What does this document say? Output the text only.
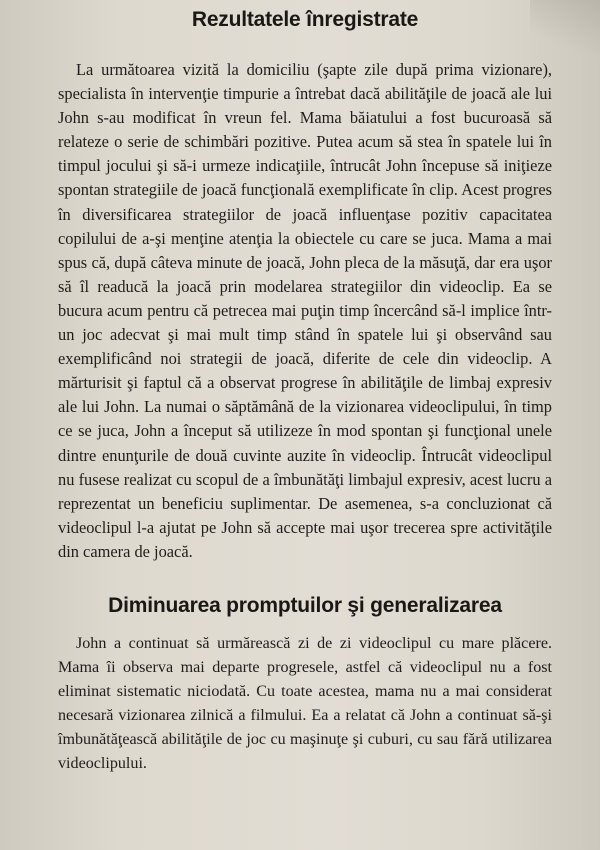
Rezultatele înregistrate

La următoarea vizită la domiciliu (şapte zile după prima vizionare), specialista în intervenţie timpurie a întrebat dacă abilităţile de joacă ale lui John s-au modificat în vreun fel. Mama băiatului a fost bucuroasă să relateze o serie de schimbări pozitive. Putea acum să stea în spatele lui în timpul jocului şi să-i urmeze indicaţiile, întrucât John începuse să iniţieze spontan strategiile de joacă funcţională exemplificate în clip. Acest progres în diversificarea strategiilor de joacă influenţase pozitiv capacitatea copilului de a-şi menţine atenţia la obiectele cu care se juca. Mama a mai spus că, după câteva minute de joacă, John pleca de la măsuţă, dar era uşor să îl readucă la joacă prin modelarea strategiilor din videoclip. Ea se bucura acum pentru că petrecea mai puţin timp încercând să-l implice într-un joc adecvat şi mai mult timp stând în spatele lui şi observând sau exemplificând noi strategii de joacă, diferite de cele din videoclip. A mărturisit şi faptul că a observat progrese în abilităţile de limbaj expresiv ale lui John. La numai o săptămână de la vizionarea videoclipului, în timp ce se juca, John a început să utilizeze în mod spontan şi funcţional unele dintre enunţurile de două cuvinte auzite în videoclip. Întrucât videoclipul nu fusese realizat cu scopul de a îmbunătăţi limbajul expresiv, acest lucru a reprezentat un beneficiu suplimentar. De asemenea, s-a concluzionat că videoclipul l-a ajutat pe John să accepte mai uşor trecerea spre activităţile din camera de joacă.

Diminuarea promptuilor şi generalizarea

John a continuat să urmărească zi de zi videoclipul cu mare plăcere. Mama îi observa mai departe progresele, astfel că videoclipul nu a fost eliminat sistematic niciodată. Cu toate acestea, mama nu a mai considerat necesară vizionarea zilnică a filmului. Ea a relatat că John a continuat să-şi îmbunătăţească abilităţile de joc cu maşinuţe şi cuburi, cu sau fără utilizarea videoclipului.
